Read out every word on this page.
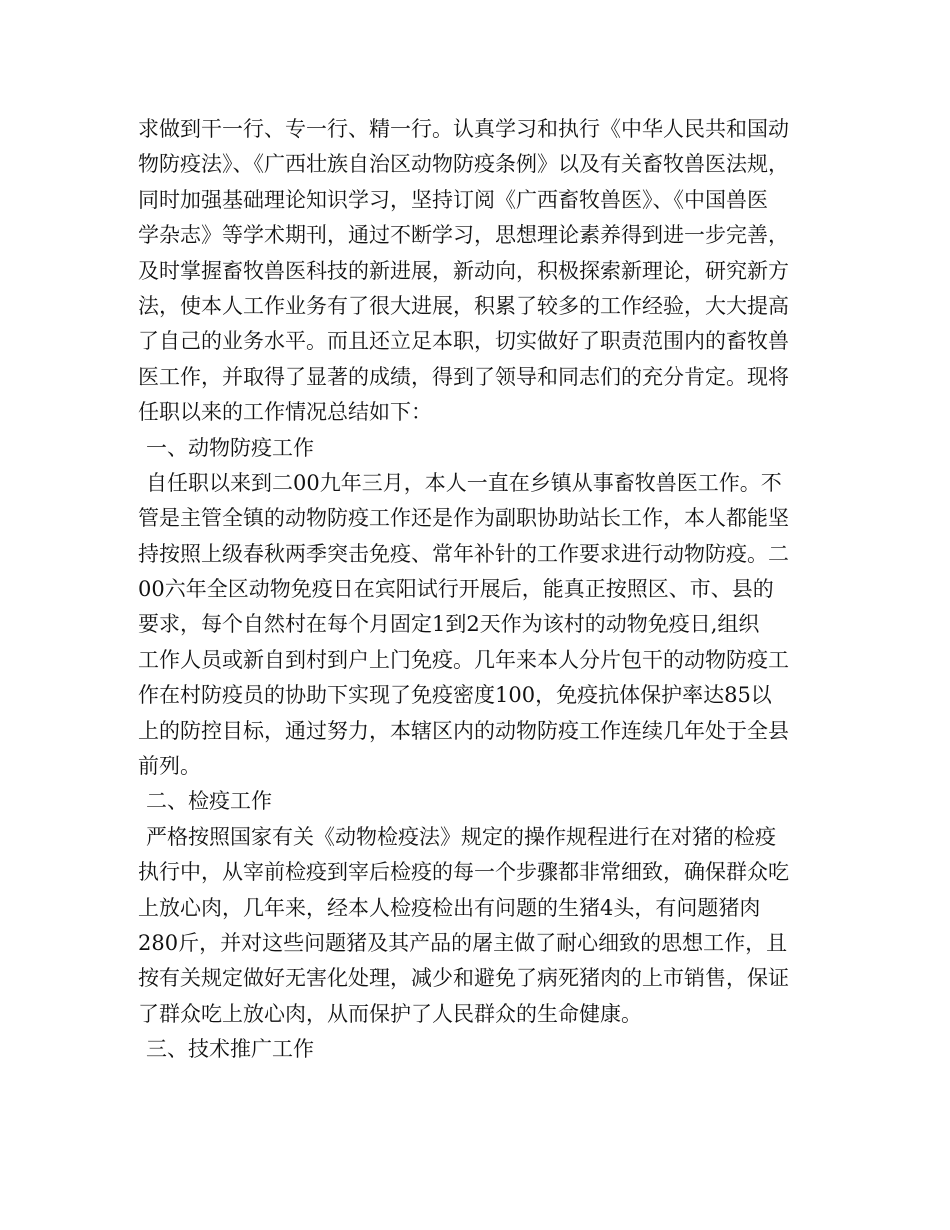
求做到干一行、专一行、精一行。认真学习和执行《中华人民共和国动
物防疫法》、《广西壮族自治区动物防疫条例》以及有关畜牧兽医法规，
同时加强基础理论知识学习，坚持订阅《广西畜牧兽医》、《中国兽医
学杂志》等学术期刊，通过不断学习，思想理论素养得到进一步完善，
及时掌握畜牧兽医科技的新进展，新动向，积极探索新理论，研究新方
法，使本人工作业务有了很大进展，积累了较多的工作经验，大大提高
了自己的业务水平。而且还立足本职，切实做好了职责范围内的畜牧兽
医工作，并取得了显著的成绩，得到了领导和同志们的充分肯定。现将
任职以来的工作情况总结如下：
一、动物防疫工作
自任职以来到二00九年三月，本人一直在乡镇从事畜牧兽医工作。不
管是主管全镇的动物防疫工作还是作为副职协助站长工作，本人都能坚
持按照上级春秋两季突击免疫、常年补针的工作要求进行动物防疫。二
00六年全区动物免疫日在宾阳试行开展后，能真正按照区、市、县的
要求，每个自然村在每个月固定1到2天作为该村的动物免疫日,组织
工作人员或新自到村到户上门免疫。几年来本人分片包干的动物防疫工
作在村防疫员的协助下实现了免疫密度100，免疫抗体保护率达85以
上的防控目标，通过努力，本辖区内的动物防疫工作连续几年处于全县
前列。
二、检疫工作
严格按照国家有关《动物检疫法》规定的操作规程进行在对猪的检疫
执行中，从宰前检疫到宰后检疫的每一个步骤都非常细致，确保群众吃
上放心肉，几年来，经本人检疫检出有问题的生猪4头，有问题猪肉
280斤，并对这些问题猪及其产品的屠主做了耐心细致的思想工作，且
按有关规定做好无害化处理，减少和避免了病死猪肉的上市销售，保证
了群众吃上放心肉，从而保护了人民群众的生命健康。
三、技术推广工作
